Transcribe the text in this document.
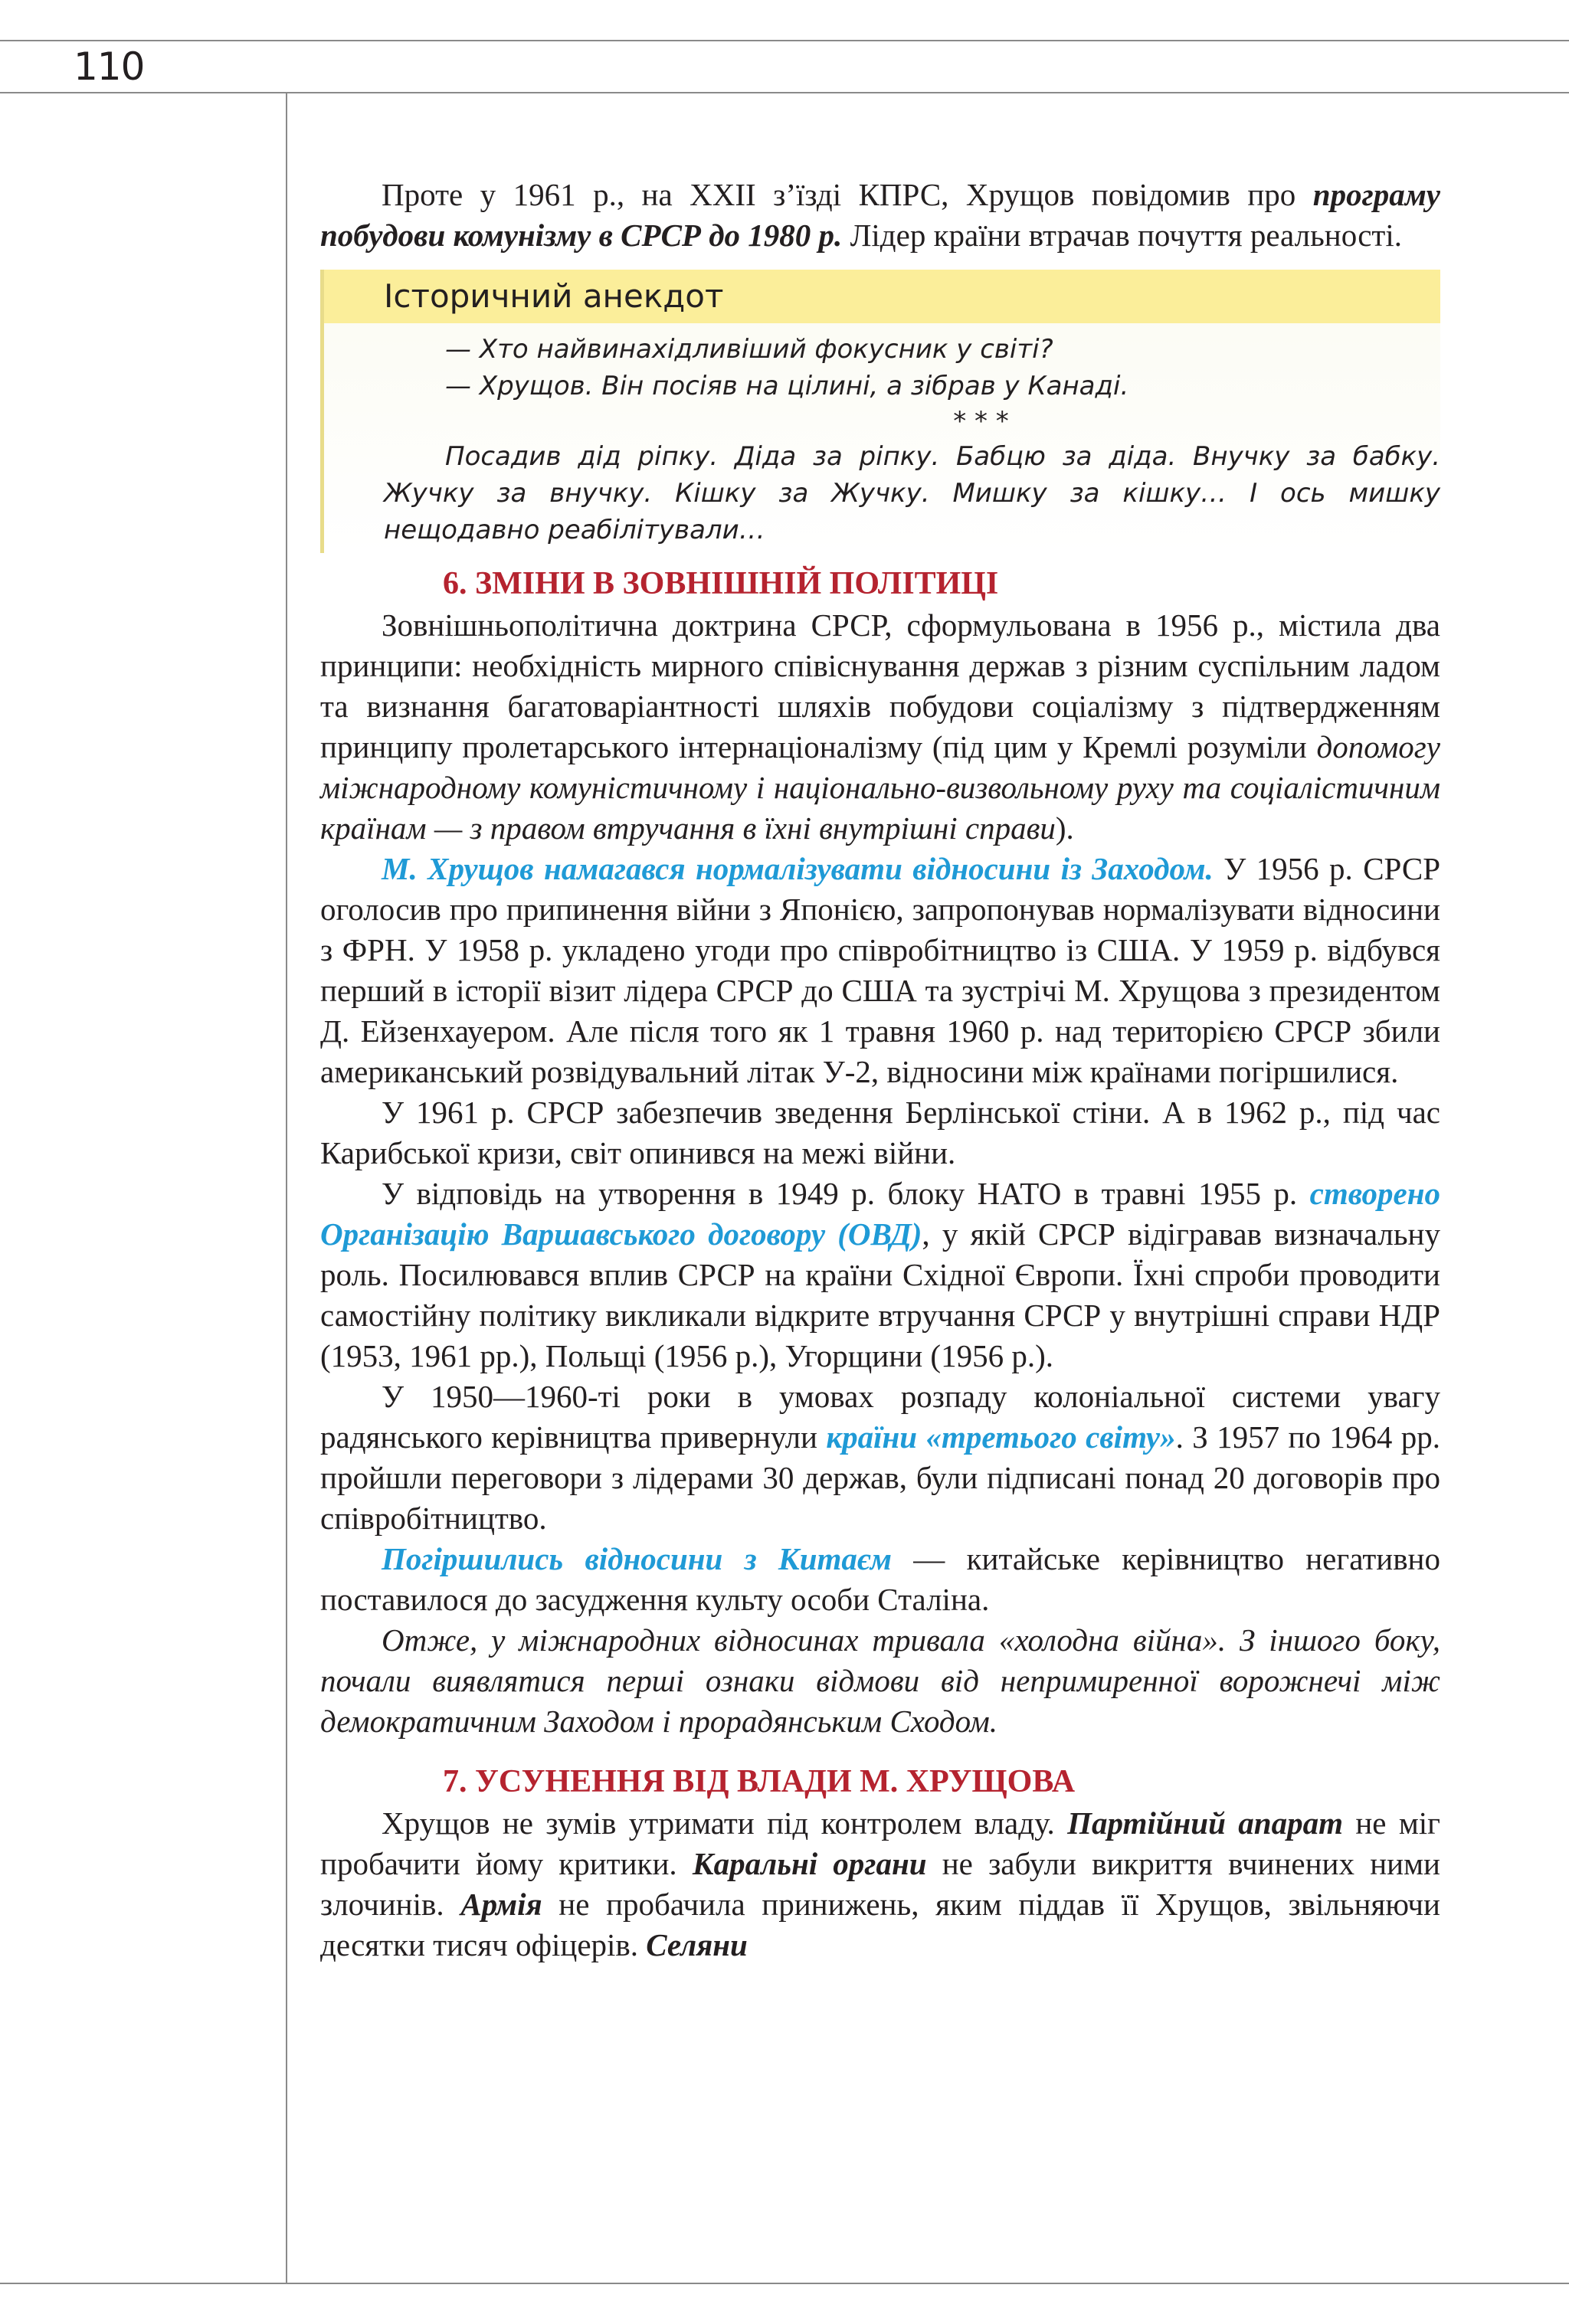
110

Проте у 1961 р., на XXII з’їзді КПРС, Хрущов повідомив про програму побудови комунізму в СРСР до 1980 р. Лідер країни втрачав почуття реальності.

Історичний анекдот
— Хто найвинахідливіший фокусник у світі?
— Хрущов. Він посіяв на цілині, а зібрав у Канаді.
* * *
Посадив дід ріпку. Діда за ріпку. Бабцю за діда. Внучку за бабку. Жучку за внучку. Кішку за Жучку. Мишку за кішку… І ось мишку нещодавно реабілітували…

6. ЗМІНИ В ЗОВНІШНІЙ ПОЛІТИЦІ

Зовнішньополітична доктрина СРСР, сформульована в 1956 р., містила два принципи: необхідність мирного співіснування держав з різним суспільним ладом та визнання багатоваріантності шляхів побудови соціалізму з підтвердженням принципу пролетарського інтернаціоналізму (під цим у Кремлі розуміли допомогу міжнародному комуністичному і національно-визвольному руху та соціалістичним країнам — з правом втручання в їхні внутрішні справи).

М. Хрущов намагався нормалізувати відносини із Заходом. У 1956 р. СРСР оголосив про припинення війни з Японією, запропонував нормалізувати відносини з ФРН. У 1958 р. укладено угоди про співробітництво із США. У 1959 р. відбувся перший в історії візит лідера СРСР до США та зустрічі М. Хрущова з президентом Д. Ейзенхауером. Але після того як 1 травня 1960 р. над територією СРСР збили американський розвідувальний літак У-2, відносини між країнами погіршилися.

У 1961 р. СРСР забезпечив зведення Берлінської стіни. А в 1962 р., під час Карибської кризи, світ опинився на межі війни.

У відповідь на утворення в 1949 р. блоку НАТО в травні 1955 р. створено Організацію Варшавського договору (ОВД), у якій СРСР відігравав визначальну роль. Посилювався вплив СРСР на країни Східної Європи. Їхні спроби проводити самостійну політику викликали відкрите втручання СРСР у внутрішні справи НДР (1953, 1961 рр.), Польщі (1956 р.), Угорщини (1956 р.).

У 1950—1960-ті роки в умовах розпаду колоніальної системи увагу радянського керівництва привернули країни «третього світу». З 1957 по 1964 рр. пройшли переговори з лідерами 30 держав, були підписані понад 20 договорів про співробітництво.

Погіршились відносини з Китаєм — китайське керівництво негативно поставилося до засудження культу особи Сталіна.

Отже, у міжнародних відносинах тривала «холодна війна». З іншого боку, почали виявлятися перші ознаки відмови від непримиренної ворожнечі між демократичним Заходом і прорадянським Сходом.

7. УСУНЕННЯ ВІД ВЛАДИ М. ХРУЩОВА

Хрущов не зумів утримати під контролем владу. Партійний апарат не міг пробачити йому критики. Каральні органи не забули викриття вчинених ними злочинів. Армія не пробачила принижень, яким піддав її Хрущов, звільняючи десятки тисяч офіцерів. Селяни
